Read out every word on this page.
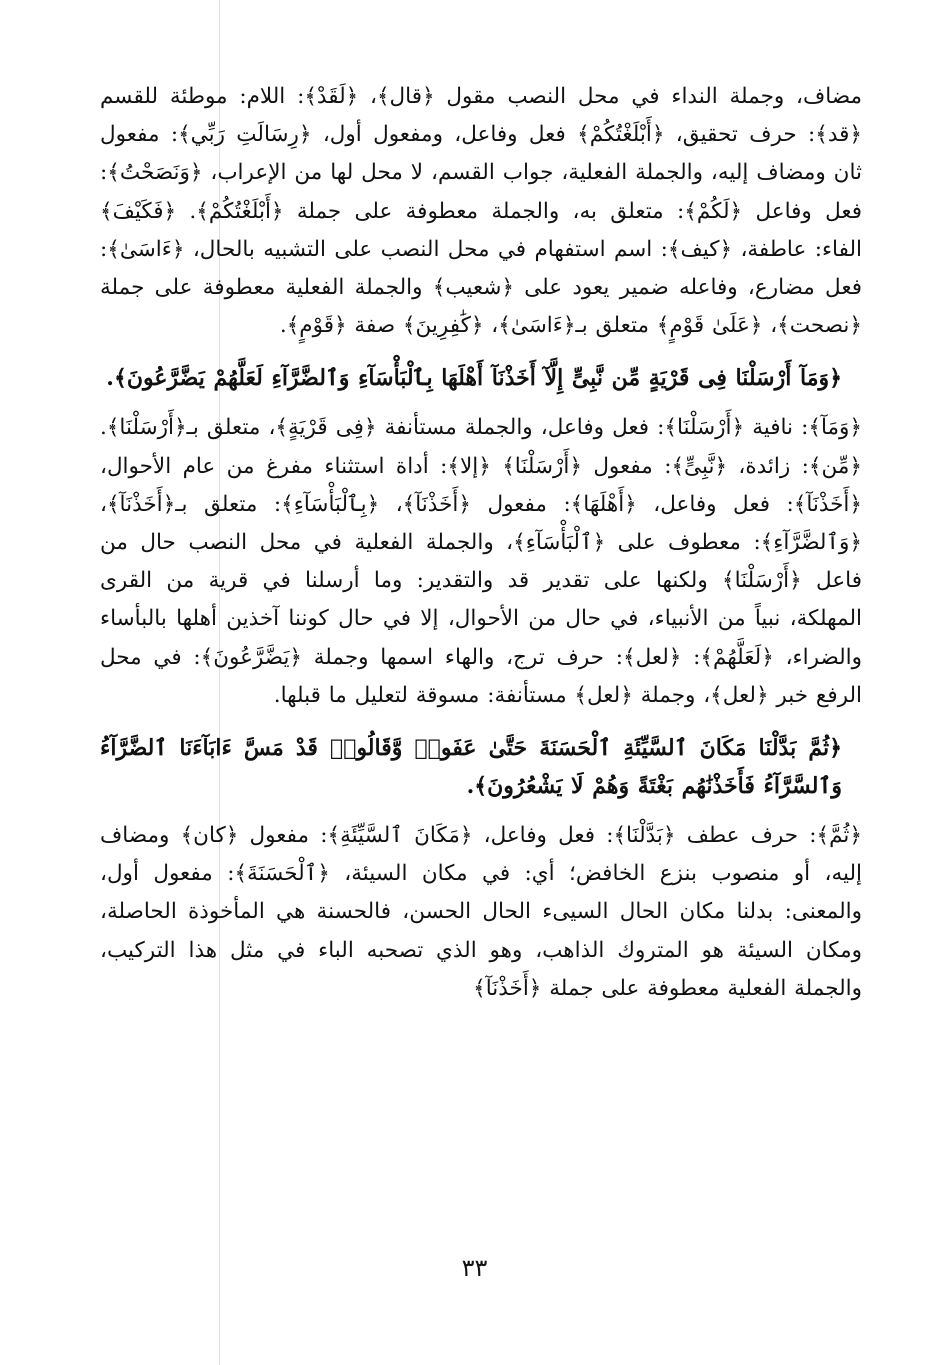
مضاف، وجملة النداء في محل النصب مقول ﴿قال﴾، ﴿لَقَدْ﴾: اللام: موطئة للقسم ﴿قد﴾: حرف تحقيق، ﴿أَبْلَغْتُكُمْ﴾ فعل وفاعل، ومفعول أول، ﴿رِسَالَتِ رَبِّي﴾: مفعول ثان ومضاف إليه، والجملة الفعلية، جواب القسم، لا محل لها من الإعراب، ﴿وَنَصَحْتُ﴾: فعل وفاعل ﴿لَكُمْ﴾: متعلق به، والجملة معطوفة على جملة ﴿أَبْلَغْتُكُمْ﴾. ﴿فَكَيْفَ﴾ الفاء: عاطفة، ﴿كيف﴾: اسم استفهام في محل النصب على التشبيه بالحال، ﴿ءَاسَىٰ﴾: فعل مضارع، وفاعله ضمير يعود على ﴿شعيب﴾ والجملة الفعلية معطوفة على جملة ﴿نصحت﴾، ﴿عَلَىٰ قَوْمٍ﴾ متعلق بـ﴿ءَاسَىٰ﴾، ﴿كَٰفِرِينَ﴾ صفة ﴿قَوْمٍ﴾.

﴿وَمَآ أَرْسَلْنَا فِى قَرْيَةٍ مِّن نَّبِىٍّ إِلَّآ أَخَذْنَآ أَهْلَهَا بِٱلْبَأْسَآءِ وَٱلضَّرَّآءِ لَعَلَّهُمْ يَضَّرَّعُونَ﴾.

﴿وَمَآ﴾: نافية ﴿أَرْسَلْنَا﴾: فعل وفاعل، والجملة مستأنفة ﴿فِى قَرْيَةٍ﴾، متعلق بـ﴿أَرْسَلْنَا﴾. ﴿مِّن﴾: زائدة، ﴿نَّبِىٍّ﴾: مفعول ﴿أَرْسَلْنَا﴾ ﴿إلا﴾: أداة استثناء مفرغ من عام الأحوال، ﴿أَخَذْنَآ﴾: فعل وفاعل، ﴿أَهْلَهَا﴾: مفعول ﴿أَخَذْنَآ﴾، ﴿بِٱلْبَأْسَآءِ﴾: متعلق بـ﴿أَخَذْنَآ﴾، ﴿وَٱلضَّرَّآءِ﴾: معطوف على ﴿ٱلْبَأْسَآءِ﴾، والجملة الفعلية في محل النصب حال من فاعل ﴿أَرْسَلْنَا﴾ ولكنها على تقدير قد والتقدير: وما أرسلنا في قرية من القرى المهلكة، نبياً من الأنبياء، في حال من الأحوال، إلا في حال كوننا آخذين أهلها بالبأساء والضراء، ﴿لَعَلَّهُمْ﴾: ﴿لعل﴾: حرف ترج، والهاء اسمها وجملة ﴿يَضَّرَّعُونَ﴾: في محل الرفع خبر ﴿لعل﴾، وجملة ﴿لعل﴾ مستأنفة: مسوقة لتعليل ما قبلها.

﴿ثُمَّ بَدَّلْنَا مَكَانَ ٱلسَّيِّئَةِ ٱلْحَسَنَةَ حَتَّىٰ عَفَوا۟ وَّقَالُوا۟ قَدْ مَسَّ ءَابَآءَنَا ٱلضَّرَّآءُ وَٱلسَّرَّآءُ فَأَخَذْنَٰهُم بَغْتَةً وَهُمْ لَا يَشْعُرُونَ﴾.

﴿ثُمَّ﴾: حرف عطف ﴿بَدَّلْنَا﴾: فعل وفاعل، ﴿مَكَانَ ٱلسَّيِّئَةِ﴾: مفعول ﴿كان﴾ ومضاف إليه، أو منصوب بنزع الخافض؛ أي: في مكان السيئة، ﴿ٱلْحَسَنَةَ﴾: مفعول أول، والمعنى: بدلنا مكان الحال السيىء الحال الحسن، فالحسنة هي المأخوذة الحاصلة، ومكان السيئة هو المتروك الذاهب، وهو الذي تصحبه الباء في مثل هذا التركيب، والجملة الفعلية معطوفة على جملة ﴿أَخَذْنَآ﴾

٣٣
